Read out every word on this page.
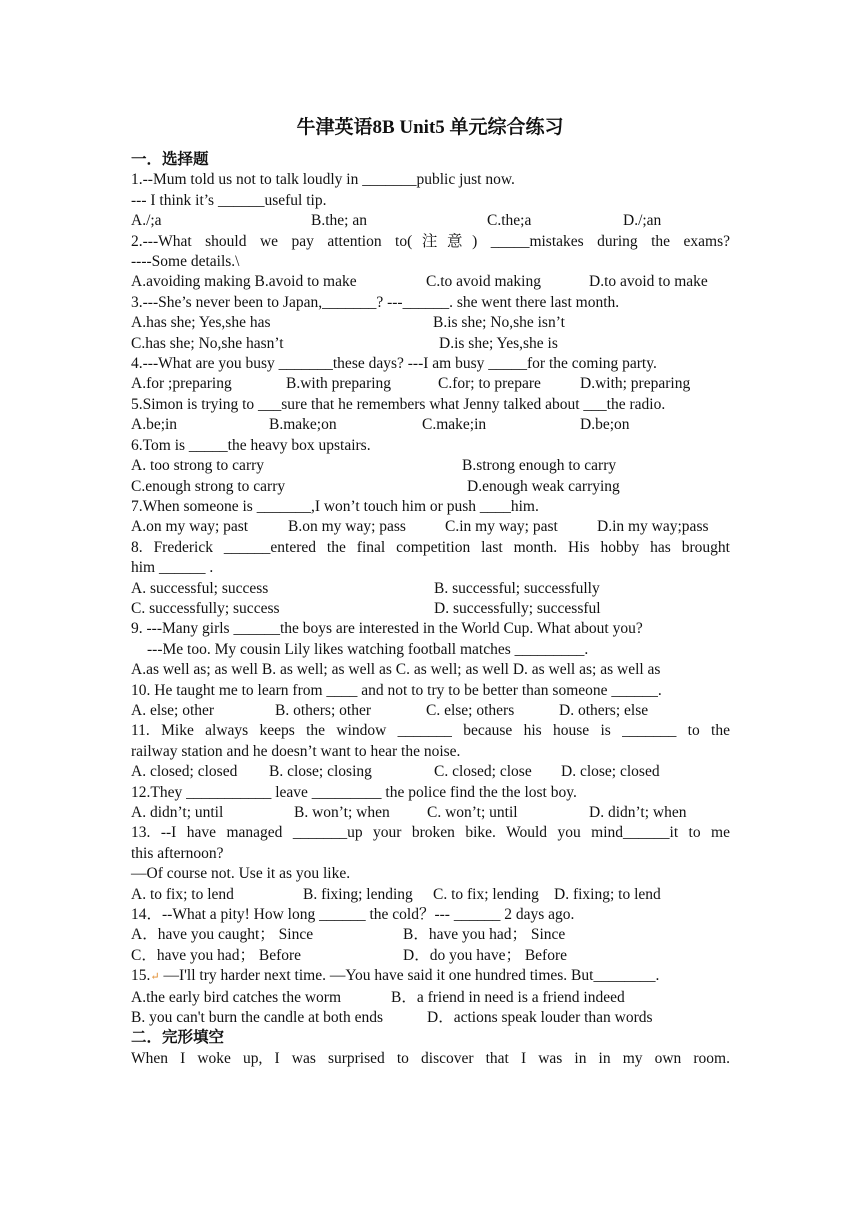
牛津英语8B Unit5 单元综合练习
一．选择题
1.--Mum told us not to talk loudly in _______public just now.
--- I think it’s ______useful tip.
A./;a	B.the; an	C.the;a	D./;an
2.---What should we pay attention to(注意) _____mistakes during the exams?
----Some details.\
A.avoiding making B.avoid to make	C.to avoid making	D.to avoid to make
3.---She’s never been to Japan,_______? ---______. she went there last month.
A.has she; Yes,she has	B.is she; No,she isn’t
C.has she; No,she hasn’t	D.is she; Yes,she is
4.---What are you busy _______these days? ---I am busy _____for the coming party.
A.for ;preparing	B.with preparing	C.for; to prepare	D.with; preparing
5.Simon is trying to ___sure that he remembers what Jenny talked about ___the radio.
A.be;in	B.make;on	C.make;in	D.be;on
6.Tom is _____the heavy box upstairs.
A. too strong to carry	B.strong enough to carry
C.enough strong to carry	D.enough weak carrying
7.When someone is _______,I won’t touch him or push ____him.
A.on my way; past	B.on my way; pass	C.in my way; past	D.in my way;pass
8. Frederick ______entered the final competition last month. His hobby has brought
him ______ .
A. successful; success	B. successful; successfully
C. successfully; success	D. successfully; successful
9. ---Many girls ______the boys are interested in the World Cup. What about you?
---Me too. My cousin Lily likes watching football matches _________.
A.as well as; as well B. as well; as well as C. as well; as well D. as well as; as well as
10. He taught me to learn from ____ and not to try to be better than someone ______.
A. else; other	B. others; other	C. else; others	D. others; else
11. Mike always keeps the window _______ because his house is _______ to the
railway station and he doesn’t want to hear the noise.
A. closed; closed	B. close; closing	C. closed; close	D. close; closed
12.They ___________ leave _________ the police find the the lost boy.
A. didn’t; until	B. won’t; when	C. won’t; until	D. didn’t; when
13. --I have managed _______up your broken bike. Would you mind______it to me
this afternoon?
—Of course not. Use it as you like.
A. to fix; to lend	B. fixing; lending	C. to fix; lending D. fixing; to lend
14．--What a pity! How long ______ the cold？--- ______ 2 days ago.
A．have you caught； Since	B．have you had； Since
C．have you had； Before	D．do you have； Before
15.↵ —I'll try harder next time. —You have said it one hundred times. But________.
A.the early bird catches the worm	B．a friend in need is a friend indeed
B. you can't burn the candle at both ends	D．actions speak louder than words
二．完形填空
When I woke up, I was surprised to discover that I was in in my own room.
